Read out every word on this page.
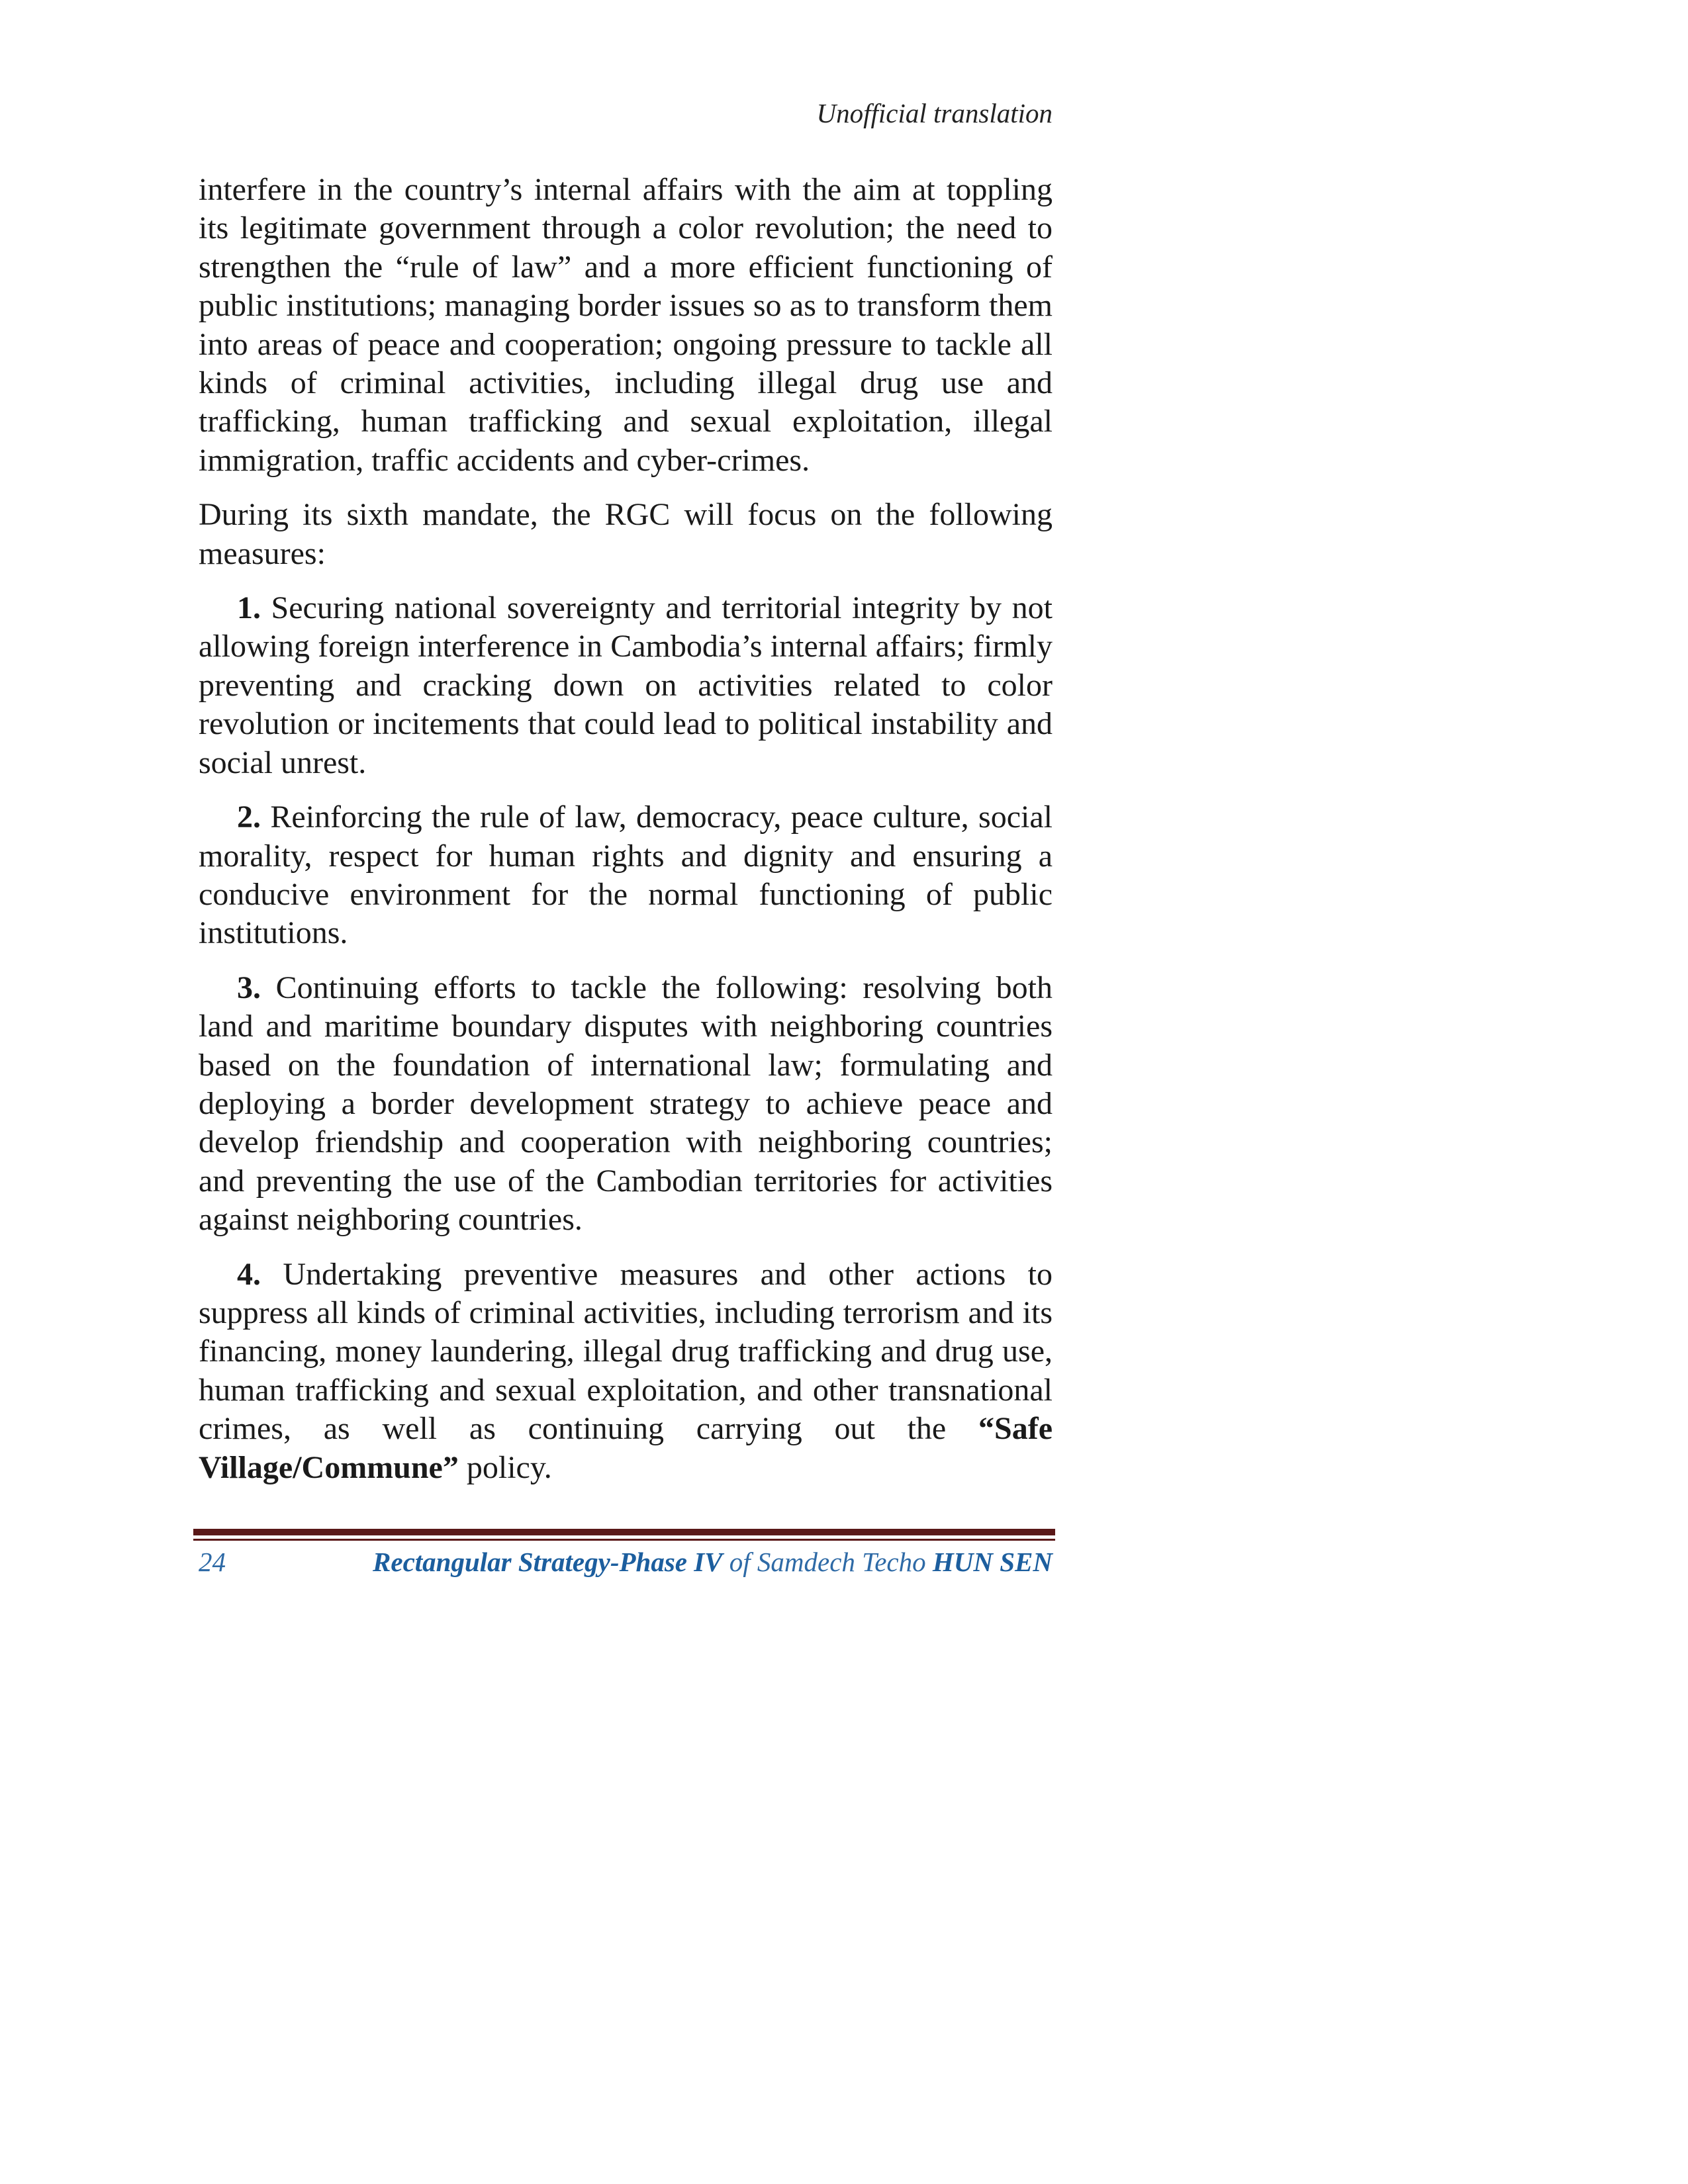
Unofficial translation

interfere in the country’s internal affairs with the aim at toppling its legitimate government through a color revolution; the need to strengthen the “rule of law” and a more efficient functioning of public institutions; managing border issues so as to transform them into areas of peace and cooperation; ongoing pressure to tackle all kinds of criminal activities, including illegal drug use and trafficking, human trafficking and sexual exploitation, illegal immigration, traffic accidents and cyber-crimes.

During its sixth mandate, the RGC will focus on the following measures:

1. Securing national sovereignty and territorial integrity by not allowing foreign interference in Cambodia’s internal affairs; firmly preventing and cracking down on activities related to color revolution or incitements that could lead to political instability and social unrest.

2. Reinforcing the rule of law, democracy, peace culture, social morality, respect for human rights and dignity and ensuring a conducive environment for the normal functioning of public institutions.

3. Continuing efforts to tackle the following: resolving both land and maritime boundary disputes with neighboring countries based on the foundation of international law; formulating and deploying a border development strategy to achieve peace and develop friendship and cooperation with neighboring countries; and preventing the use of the Cambodian territories for activities against neighboring countries.

4. Undertaking preventive measures and other actions to suppress all kinds of criminal activities, including terrorism and its financing, money laundering, illegal drug trafficking and drug use, human trafficking and sexual exploitation, and other transnational crimes, as well as continuing carrying out the “Safe Village/Commune” policy.

24	Rectangular Strategy-Phase IV of Samdech Techo HUN SEN
